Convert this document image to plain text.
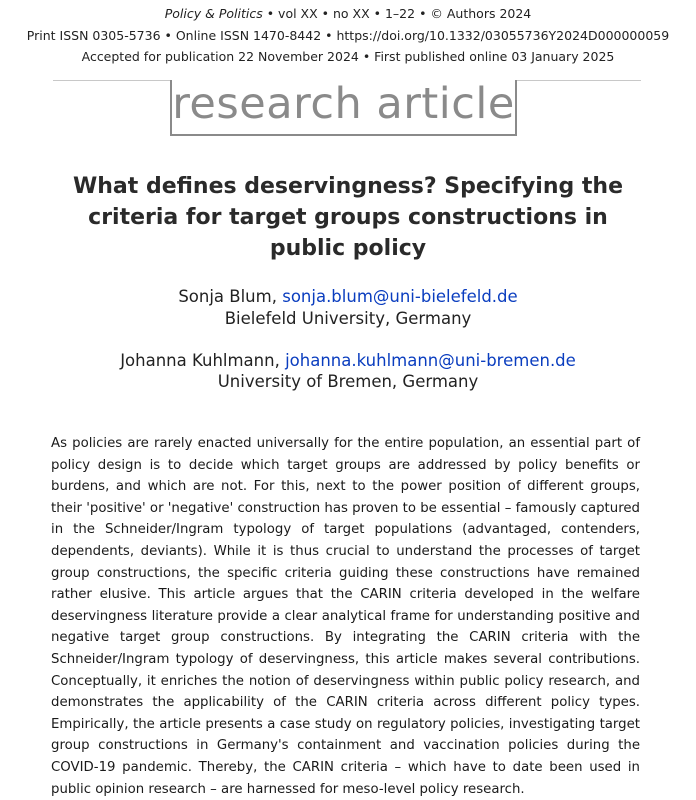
Policy & Politics • vol XX • no XX • 1–22 • © Authors 2024
Print ISSN 0305-5736 • Online ISSN 1470-8442 • https://doi.org/10.1332/03055736Y2024D000000059
Accepted for publication 22 November 2024 • First published online 03 January 2025
research article
What defines deservingness? Specifying the criteria for target groups constructions in public policy
Sonja Blum, sonja.blum@uni-bielefeld.de
Bielefeld University, Germany
Johanna Kuhlmann, johanna.kuhlmann@uni-bremen.de
University of Bremen, Germany
As policies are rarely enacted universally for the entire population, an essential part of policy design is to decide which target groups are addressed by policy benefits or burdens, and which are not. For this, next to the power position of different groups, their 'positive' or 'negative' construction has proven to be essential – famously captured in the Schneider/Ingram typology of target populations (advantaged, contenders, dependents, deviants). While it is thus crucial to understand the processes of target group constructions, the specific criteria guiding these constructions have remained rather elusive. This article argues that the CARIN criteria developed in the welfare deservingness literature provide a clear analytical frame for understanding positive and negative target group constructions. By integrating the CARIN criteria with the Schneider/Ingram typology of deservingness, this article makes several contributions. Conceptually, it enriches the notion of deservingness within public policy research, and demonstrates the applicability of the CARIN criteria across different policy types. Empirically, the article presents a case study on regulatory policies, investigating target group constructions in Germany's containment and vaccination policies during the COVID-19 pandemic. Thereby, the CARIN criteria – which have to date been used in public opinion research – are harnessed for meso-level policy research.
